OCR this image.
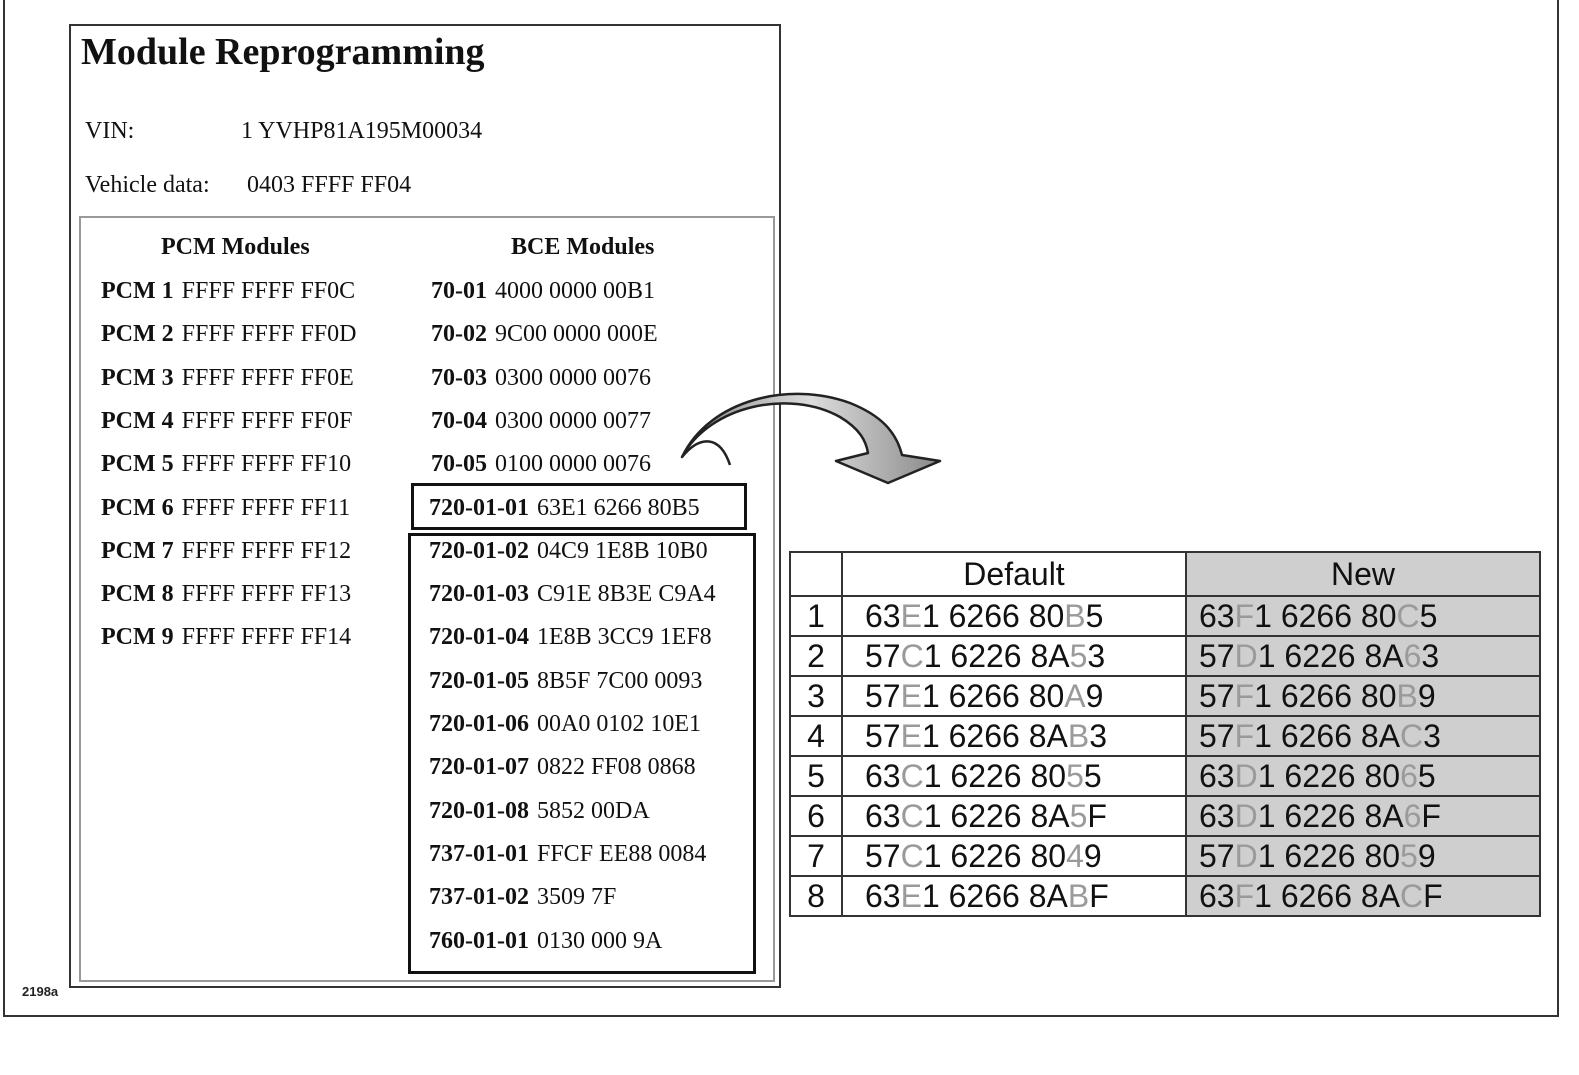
2198a
Module Reprogramming
VIN:	1 YVHP81A195M00034
Vehicle data: 0403 FFFF FF04
PCM Modules	BCE Modules
PCM 1 FFFF FFFF FF0C
PCM 2 FFFF FFFF FF0D
PCM 3 FFFF FFFF FF0E
PCM 4 FFFF FFFF FF0F
PCM 5 FFFF FFFF FF10
PCM 6 FFFF FFFF FF11
PCM 7 FFFF FFFF FF12
PCM 8 FFFF FFFF FF13
PCM 9 FFFF FFFF FF14
70-01 4000 0000 00B1
70-02 9C00 0000 000E
70-03 0300 0000 0076
70-04 0300 0000 0077
70-05 0100 0000 0076
720-01-01 63E1 6266 80B5
720-01-02 04C9 1E8B 10B0
720-01-03 C91E 8B3E C9A4
720-01-04 1E8B 3CC9 1EF8
720-01-05 8B5F 7C00 0093
720-01-06 00A0 0102 10E1
720-01-07 0822 FF08 0868
720-01-08 5852 00DA
737-01-01 FFCF EE88 0084
737-01-02 3509 7F
760-01-01 0130 000 9A
	Default	New
1	63E1 6266 80B5	63F1 6266 80C5
2	57C1 6226 8A53	57D1 6226 8A63
3	57E1 6266 80A9	57F1 6266 80B9
4	57E1 6266 8AB3	57F1 6266 8AC3
5	63C1 6226 8055	63D1 6226 8065
6	63C1 6226 8A5F	63D1 6226 8A6F
7	57C1 6226 8049	57D1 6226 8059
8	63E1 6266 8ABF	63F1 6266 8ACF
